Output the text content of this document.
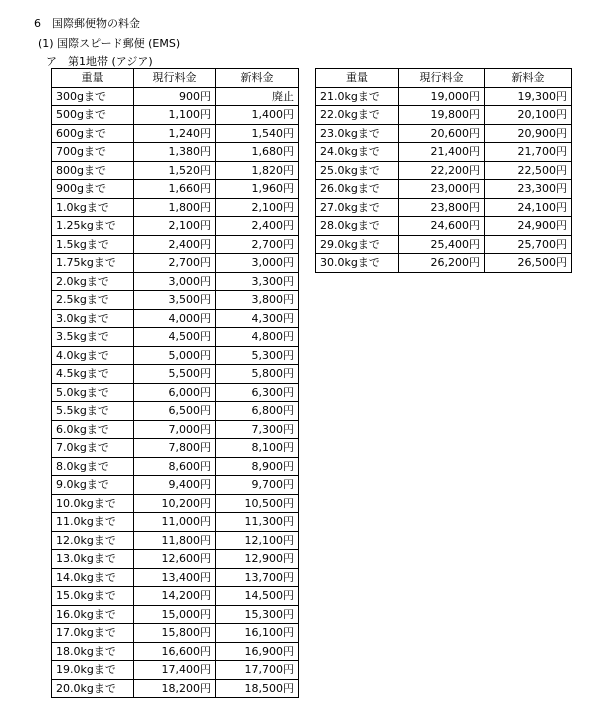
6　国際郵便物の料金
(1) 国際スピード郵便 (EMS)
ア　第1地帯 (アジア)
重量	現行料金	新料金
300gまで	900円	廃止
500gまで	1,100円	1,400円
600gまで	1,240円	1,540円
700gまで	1,380円	1,680円
800gまで	1,520円	1,820円
900gまで	1,660円	1,960円
1.0kgまで	1,800円	2,100円
1.25kgまで	2,100円	2,400円
1.5kgまで	2,400円	2,700円
1.75kgまで	2,700円	3,000円
2.0kgまで	3,000円	3,300円
2.5kgまで	3,500円	3,800円
3.0kgまで	4,000円	4,300円
3.5kgまで	4,500円	4,800円
4.0kgまで	5,000円	5,300円
4.5kgまで	5,500円	5,800円
5.0kgまで	6,000円	6,300円
5.5kgまで	6,500円	6,800円
6.0kgまで	7,000円	7,300円
7.0kgまで	7,800円	8,100円
8.0kgまで	8,600円	8,900円
9.0kgまで	9,400円	9,700円
10.0kgまで	10,200円	10,500円
11.0kgまで	11,000円	11,300円
12.0kgまで	11,800円	12,100円
13.0kgまで	12,600円	12,900円
14.0kgまで	13,400円	13,700円
15.0kgまで	14,200円	14,500円
16.0kgまで	15,000円	15,300円
17.0kgまで	15,800円	16,100円
18.0kgまで	16,600円	16,900円
19.0kgまで	17,400円	17,700円
20.0kgまで	18,200円	18,500円
重量	現行料金	新料金
21.0kgまで	19,000円	19,300円
22.0kgまで	19,800円	20,100円
23.0kgまで	20,600円	20,900円
24.0kgまで	21,400円	21,700円
25.0kgまで	22,200円	22,500円
26.0kgまで	23,000円	23,300円
27.0kgまで	23,800円	24,100円
28.0kgまで	24,600円	24,900円
29.0kgまで	25,400円	25,700円
30.0kgまで	26,200円	26,500円
